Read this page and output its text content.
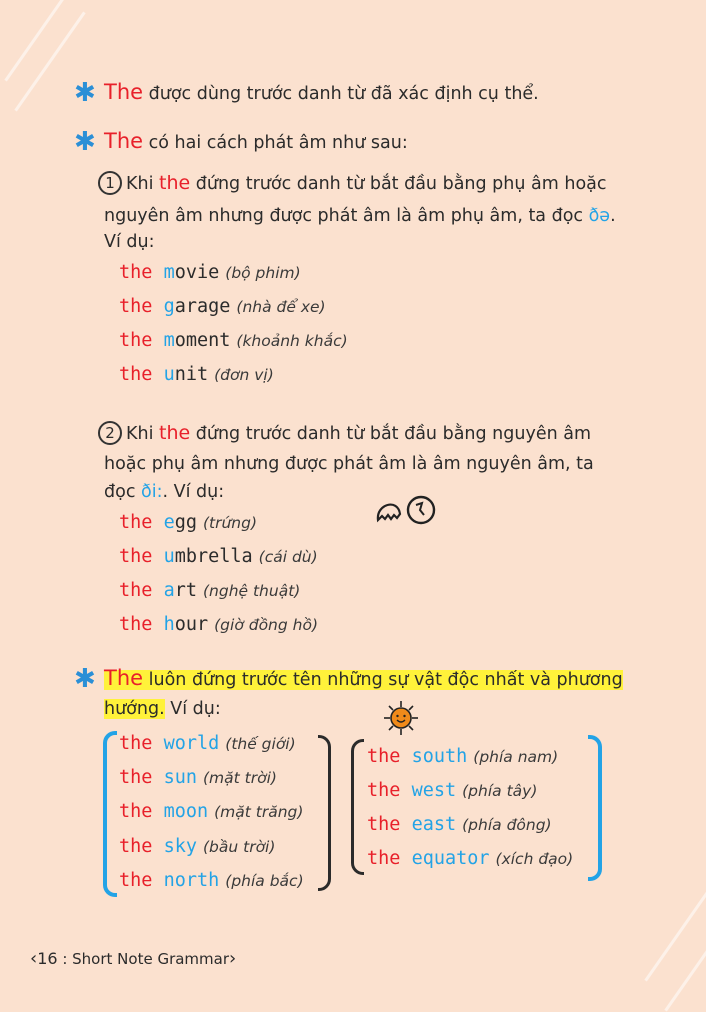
✱ The được dùng trước danh từ đã xác định cụ thể.
✱ The có hai cách phát âm như sau:
1 Khi the đứng trước danh từ bắt đầu bằng phụ âm hoặc
nguyên âm nhưng được phát âm là âm phụ âm, ta đọc ðə.
Ví dụ:
the movie (bộ phim)
the garage (nhà để xe)
the moment (khoảnh khắc)
the unit (đơn vị)
2 Khi the đứng trước danh từ bắt đầu bằng nguyên âm
hoặc phụ âm nhưng được phát âm là âm nguyên âm, ta
đọc ði:. Ví dụ:
the egg (trứng)
the umbrella (cái dù)
the art (nghệ thuật)
the hour (giờ đồng hồ)
✱ The luôn đứng trước tên những sự vật độc nhất và phương
hướng. Ví dụ:
the world (thế giới)
the sun (mặt trời)
the moon (mặt trăng)
the sky (bầu trời)
the north (phía bắc)
the south (phía nam)
the west (phía tây)
the east (phía đông)
the equator (xích đạo)
‹16 : Short Note Grammar›
